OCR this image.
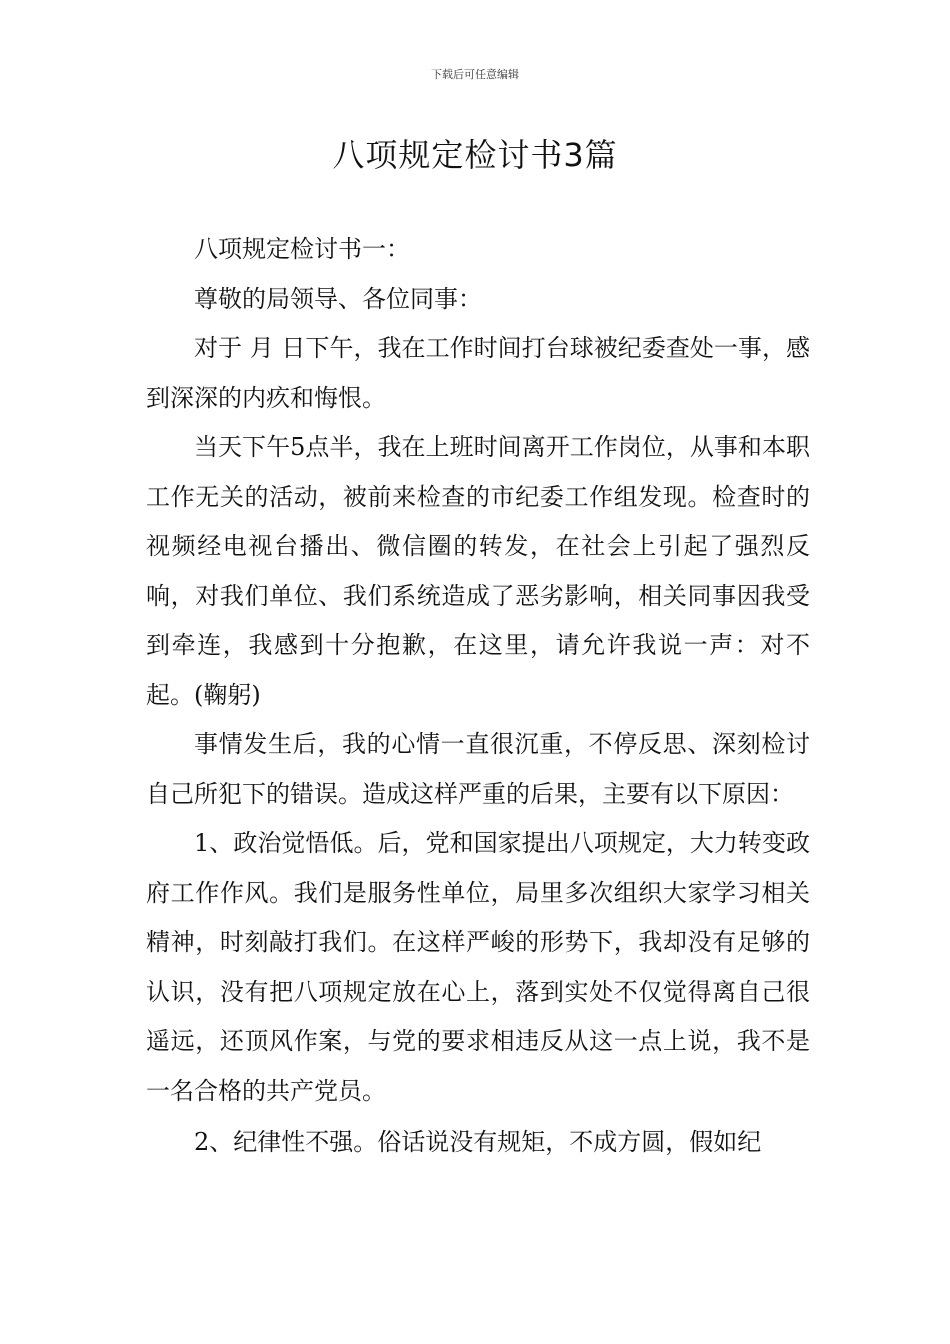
下载后可任意编辑
八项规定检讨书3篇

八项规定检讨书一：

尊敬的局领导、各位同事：

对于 月 日下午，我在工作时间打台球被纪委查处一事，感到深深的内疚和悔恨。

当天下午5点半，我在上班时间离开工作岗位，从事和本职工作无关的活动，被前来检查的市纪委工作组发现。检查时的视频经电视台播出、微信圈的转发，在社会上引起了强烈反响，对我们单位、我们系统造成了恶劣影响，相关同事因我受到牵连，我感到十分抱歉，在这里，请允许我说一声：对不起。(鞠躬)

事情发生后，我的心情一直很沉重，不停反思、深刻检讨自己所犯下的错误。造成这样严重的后果，主要有以下原因：

1、政治觉悟低。后，党和国家提出八项规定，大力转变政府工作作风。我们是服务性单位，局里多次组织大家学习相关精神，时刻敲打我们。在这样严峻的形势下，我却没有足够的认识，没有把八项规定放在心上，落到实处不仅觉得离自己很遥远，还顶风作案，与党的要求相违反从这一点上说，我不是一名合格的共产党员。

2、纪律性不强。俗话说没有规矩，不成方圆，假如纪
